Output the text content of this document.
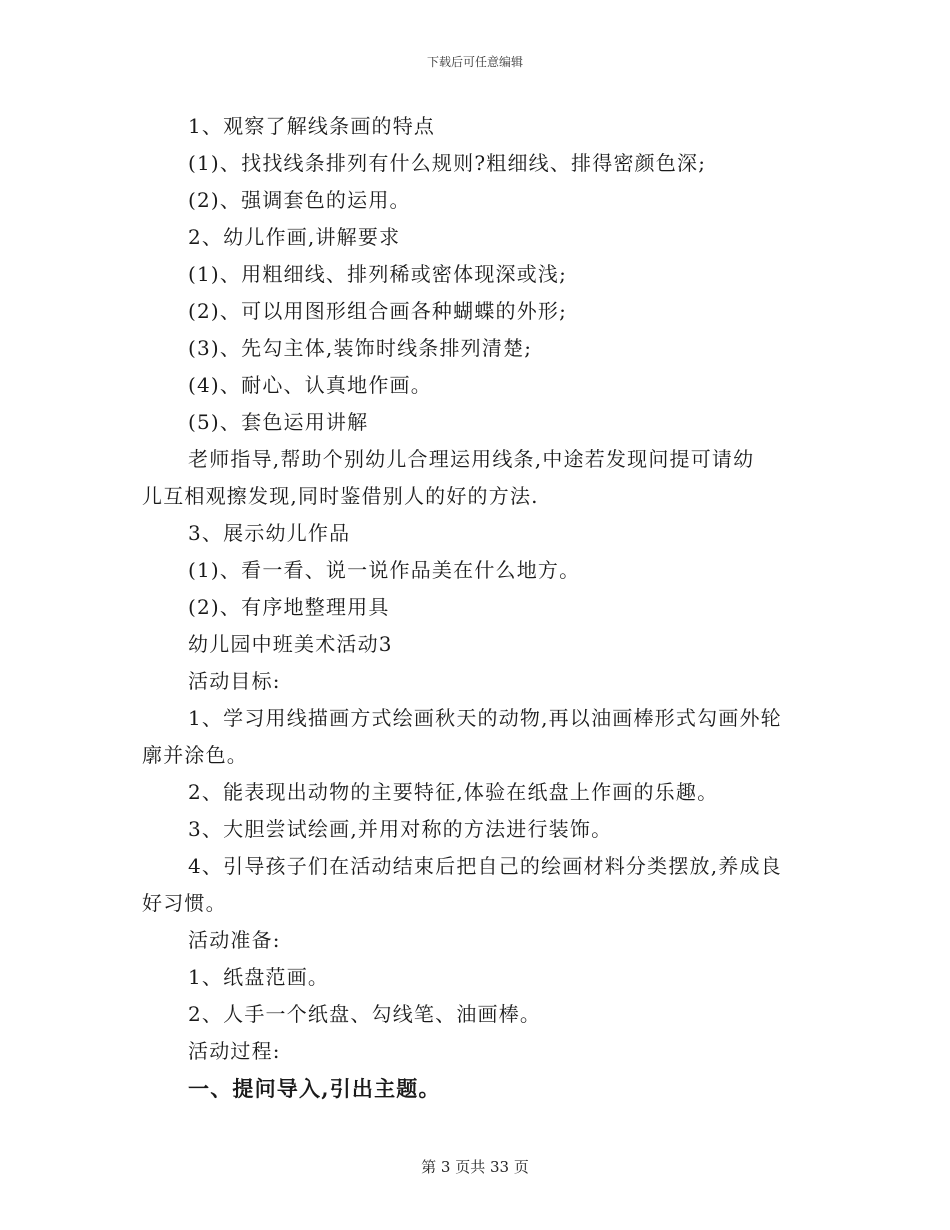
下载后可任意编辑
1、观察了解线条画的特点
(1)、找找线条排列有什么规则?粗细线、排得密颜色深;
(2)、强调套色的运用。
2、幼儿作画,讲解要求
(1)、用粗细线、排列稀或密体现深或浅;
(2)、可以用图形组合画各种蝴蝶的外形;
(3)、先勾主体,装饰时线条排列清楚;
(4)、耐心、认真地作画。
(5)、套色运用讲解
老师指导,帮助个别幼儿合理运用线条,中途若发现问提可请幼
儿互相观擦发现,同时鉴借别人的好的方法.
3、展示幼儿作品
(1)、看一看、说一说作品美在什么地方。
(2)、有序地整理用具
幼儿园中班美术活动3
活动目标:
1、学习用线描画方式绘画秋天的动物,再以油画棒形式勾画外轮
廓并涂色。
2、能表现出动物的主要特征,体验在纸盘上作画的乐趣。
3、大胆尝试绘画,并用对称的方法进行装饰。
4、引导孩子们在活动结束后把自己的绘画材料分类摆放,养成良
好习惯。
活动准备:
1、纸盘范画。
2、人手一个纸盘、勾线笔、油画棒。
活动过程:
一、提问导入,引出主题。
第 3 页共 33 页
